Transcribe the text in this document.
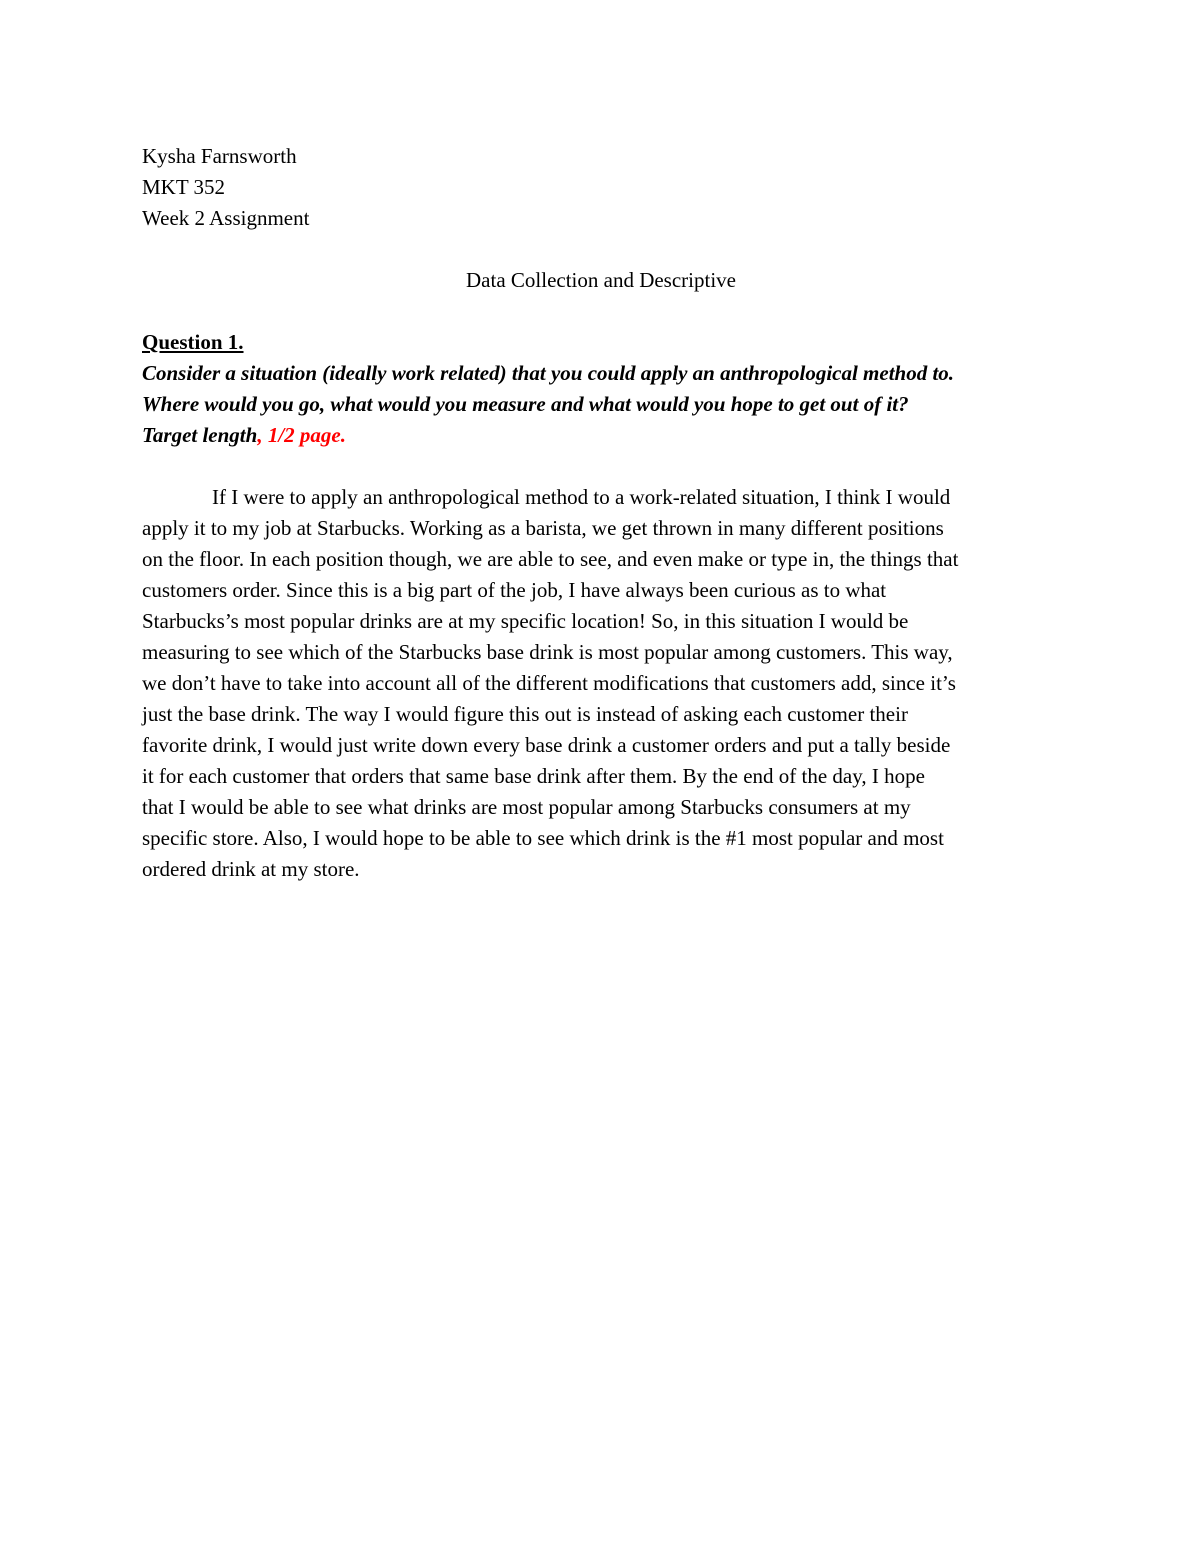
Kysha Farnsworth

MKT 352

Week 2 Assignment

Data Collection and Descriptive

Question 1.

Consider a situation (ideally work related) that you could apply an anthropological method to.

Where would you go, what would you measure and what would you hope to get out of it?

Target length, 1/2 page.

If I were to apply an anthropological method to a work-related situation, I think I would

apply it to my job at Starbucks. Working as a barista, we get thrown in many different positions

on the floor. In each position though, we are able to see, and even make or type in, the things that

customers order. Since this is a big part of the job, I have always been curious as to what

Starbucks’s most popular drinks are at my specific location! So, in this situation I would be

measuring to see which of the Starbucks base drink is most popular among customers. This way,

we don’t have to take into account all of the different modifications that customers add, since it’s

just the base drink. The way I would figure this out is instead of asking each customer their

favorite drink, I would just write down every base drink a customer orders and put a tally beside

it for each customer that orders that same base drink after them. By the end of the day, I hope

that I would be able to see what drinks are most popular among Starbucks consumers at my

specific store. Also, I would hope to be able to see which drink is the #1 most popular and most

ordered drink at my store.
